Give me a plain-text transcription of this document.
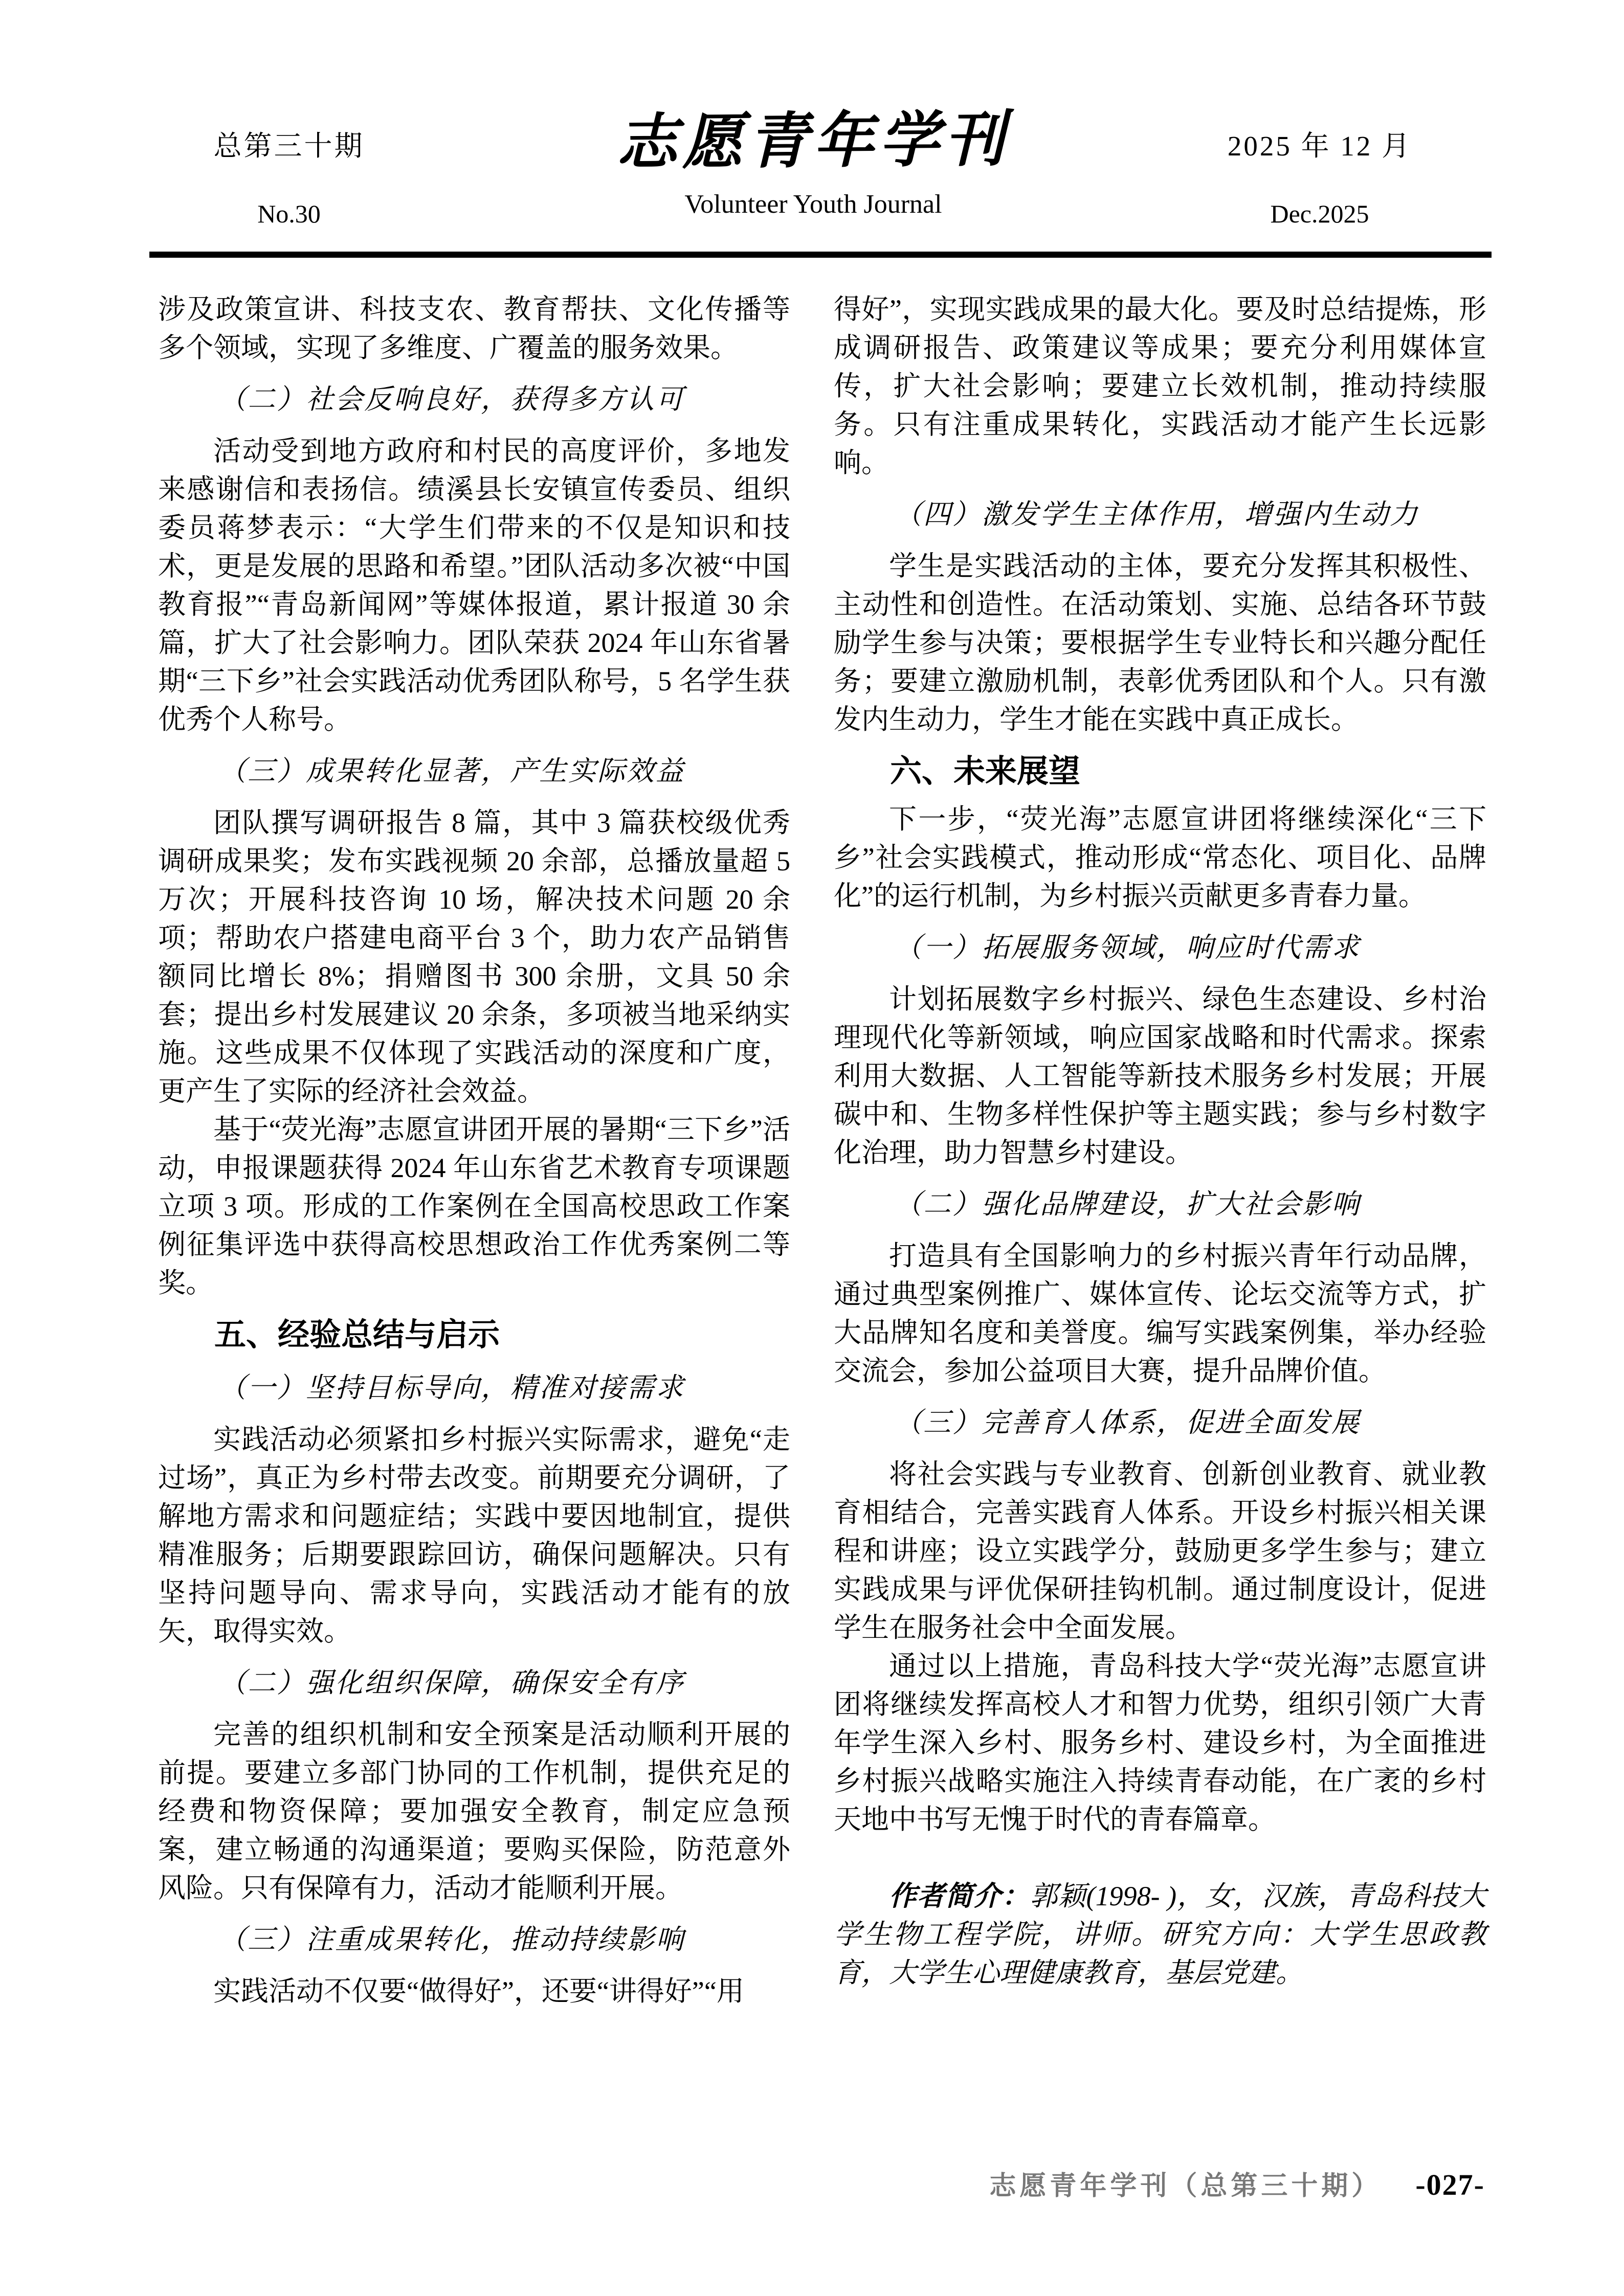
总第三十期
No.30
志愿青年学刊
Volunteer Youth Journal
2025 年 12 月
Dec.2025

涉及政策宣讲、科技支农、教育帮扶、文化传播等多个领域，实现了多维度、广覆盖的服务效果。

（二）社会反响良好，获得多方认可

活动受到地方政府和村民的高度评价，多地发来感谢信和表扬信。绩溪县长安镇宣传委员、组织委员蒋梦表示：“大学生们带来的不仅是知识和技术，更是发展的思路和希望。”团队活动多次被“中国教育报”“青岛新闻网”等媒体报道，累计报道 30 余篇，扩大了社会影响力。团队荣获 2024 年山东省暑期“三下乡”社会实践活动优秀团队称号，5 名学生获优秀个人称号。

（三）成果转化显著，产生实际效益

团队撰写调研报告 8 篇，其中 3 篇获校级优秀调研成果奖；发布实践视频 20 余部，总播放量超 5 万次；开展科技咨询 10 场，解决技术问题 20 余项；帮助农户搭建电商平台 3 个，助力农产品销售额同比增长 8%；捐赠图书 300 余册，文具 50 余套；提出乡村发展建议 20 余条，多项被当地采纳实施。这些成果不仅体现了实践活动的深度和广度，更产生了实际的经济社会效益。

基于“荧光海”志愿宣讲团开展的暑期“三下乡”活动，申报课题获得 2024 年山东省艺术教育专项课题立项 3 项。形成的工作案例在全国高校思政工作案例征集评选中获得高校思想政治工作优秀案例二等奖。

五、经验总结与启示
（一）坚持目标导向，精准对接需求

实践活动必须紧扣乡村振兴实际需求，避免“走过场”，真正为乡村带去改变。前期要充分调研，了解地方需求和问题症结；实践中要因地制宜，提供精准服务；后期要跟踪回访，确保问题解决。只有坚持问题导向、需求导向，实践活动才能有的放矢，取得实效。

（二）强化组织保障，确保安全有序

完善的组织机制和安全预案是活动顺利开展的前提。要建立多部门协同的工作机制，提供充足的经费和物资保障；要加强安全教育，制定应急预案，建立畅通的沟通渠道；要购买保险，防范意外风险。只有保障有力，活动才能顺利开展。

（三）注重成果转化，推动持续影响

实践活动不仅要“做得好”，还要“讲得好”“用

得好”，实现实践成果的最大化。要及时总结提炼，形成调研报告、政策建议等成果；要充分利用媒体宣传，扩大社会影响；要建立长效机制，推动持续服务。只有注重成果转化，实践活动才能产生长远影响。

（四）激发学生主体作用，增强内生动力

学生是实践活动的主体，要充分发挥其积极性、主动性和创造性。在活动策划、实施、总结各环节鼓励学生参与决策；要根据学生专业特长和兴趣分配任务；要建立激励机制，表彰优秀团队和个人。只有激发内生动力，学生才能在实践中真正成长。

六、未来展望

下一步，“荧光海”志愿宣讲团将继续深化“三下乡”社会实践模式，推动形成“常态化、项目化、品牌化”的运行机制，为乡村振兴贡献更多青春力量。

（一）拓展服务领域，响应时代需求

计划拓展数字乡村振兴、绿色生态建设、乡村治理现代化等新领域，响应国家战略和时代需求。探索利用大数据、人工智能等新技术服务乡村发展；开展碳中和、生物多样性保护等主题实践；参与乡村数字化治理，助力智慧乡村建设。

（二）强化品牌建设，扩大社会影响

打造具有全国影响力的乡村振兴青年行动品牌，通过典型案例推广、媒体宣传、论坛交流等方式，扩大品牌知名度和美誉度。编写实践案例集，举办经验交流会，参加公益项目大赛，提升品牌价值。

（三）完善育人体系，促进全面发展

将社会实践与专业教育、创新创业教育、就业教育相结合，完善实践育人体系。开设乡村振兴相关课程和讲座；设立实践学分，鼓励更多学生参与；建立实践成果与评优保研挂钩机制。通过制度设计，促进学生在服务社会中全面发展。

通过以上措施，青岛科技大学“荧光海”志愿宣讲团将继续发挥高校人才和智力优势，组织引领广大青年学生深入乡村、服务乡村、建设乡村，为全面推进乡村振兴战略实施注入持续青春动能，在广袤的乡村天地中书写无愧于时代的青春篇章。

作者简介：郭颖(1998- )，女，汉族，青岛科技大学生物工程学院，讲师。研究方向：大学生思政教育，大学生心理健康教育，基层党建。

志愿青年学刊（总第三十期） -027-
